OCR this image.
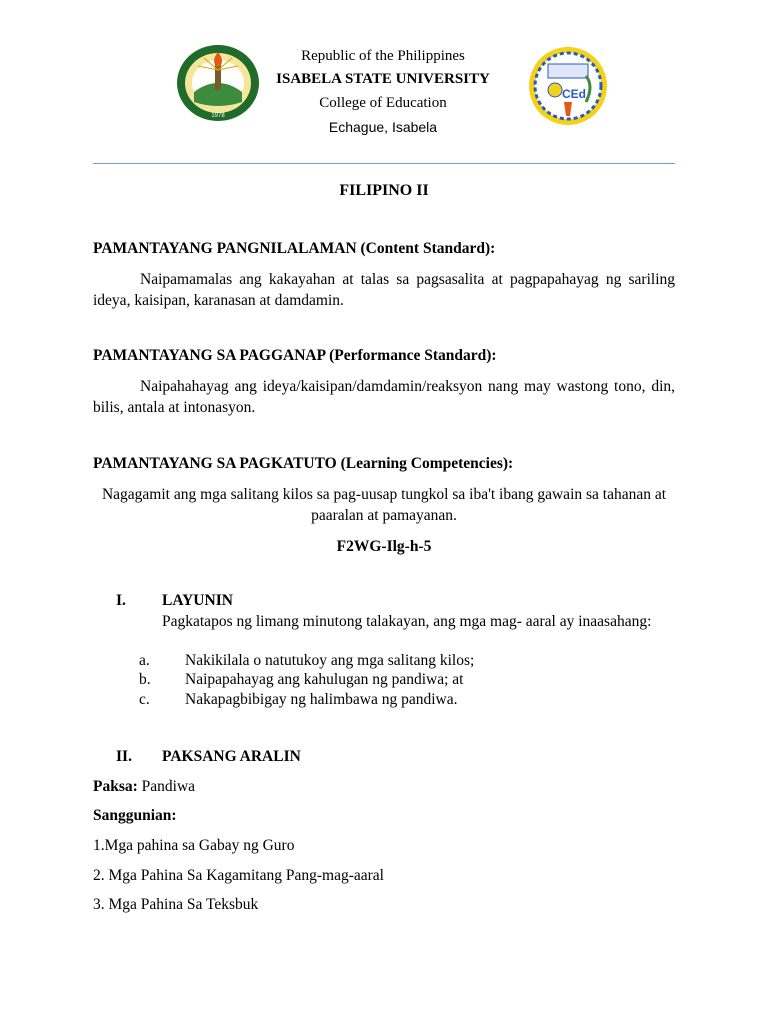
1978
CEd
Republic of the Philippines
ISABELA STATE UNIVERSITY
College of Education
Echague, Isabela
FILIPINO II
PAMANTAYANG PANGNILALAMAN (Content Standard):
Naipamamalas ang kakayahan at talas sa pagsasalita at pagpapahayag ng sariling ideya, kaisipan, karanasan at damdamin.
PAMANTAYANG SA PAGGANAP (Performance Standard):
Naipahahayag ang ideya/kaisipan/damdamin/reaksyon nang may wastong tono, din, bilis, antala at intonasyon.
PAMANTAYANG SA PAGKATUTO (Learning Competencies):
Nagagamit ang mga salitang kilos sa pag-uusap tungkol sa iba't ibang gawain sa tahanan at paaralan at pamayanan.
F2WG-Ilg-h-5
I. LAYUNIN
Pagkatapos ng limang minutong talakayan, ang mga mag- aaral ay inaasahang:
a. Nakikilala o natutukoy ang mga salitang kilos;
b. Naipapahayag ang kahulugan ng pandiwa; at
c. Nakapagbibigay ng halimbawa ng pandiwa.
II. PAKSANG ARALIN
Paksa: Pandiwa
Sanggunian:
1.Mga pahina sa Gabay ng Guro
2. Mga Pahina Sa Kagamitang Pang-mag-aaral
3. Mga Pahina Sa Teksbuk
